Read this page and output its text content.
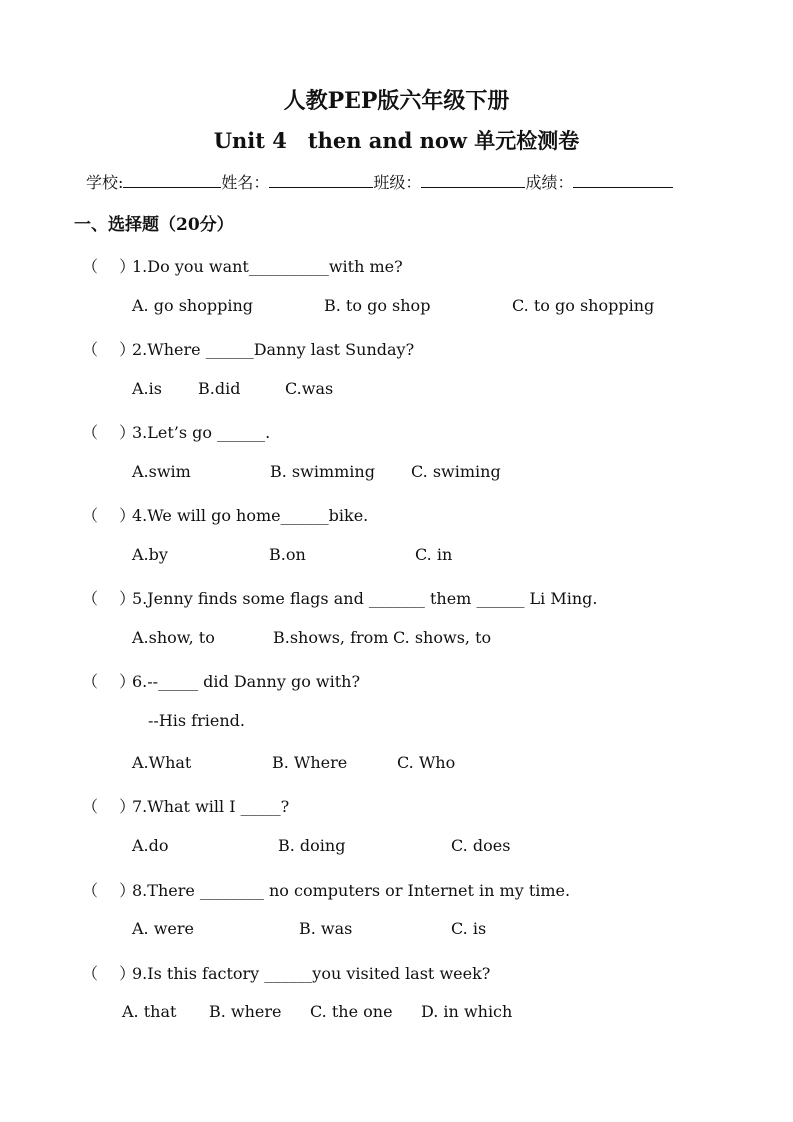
人教PEP版六年级下册
Unit 4　then and now 单元检测卷
学校:	姓名：	班级：	成绩：
一、选择题（20分）
（　 ）1.Do you want__________with me?
A. go shopping	B. to go shop	C. to go shopping
（　 ）2.Where ______Danny last Sunday?
A.is B.did	C.was
（　 ）3.Let’s go ______.
A.swim	B. swimming C. swiming
（　 ）4.We will go home______bike.
A.by	B.on	C. in
（　 ）5.Jenny finds some flags and _______ them ______ Li Ming.
A.show, to	B.shows, from C. shows, to
（　 ）6.--_____ did Danny go with?
--His friend.
A.What	B. Where	C. Who
（　 ）7.What will I _____?
A.do	B. doing	C. does
（　 ）8.There ________ no computers or Internet in my time.
A. were	B. was	C. is
（　 ）9.Is this factory ______you visited last week?
A. that B. where C. the one D. in which
